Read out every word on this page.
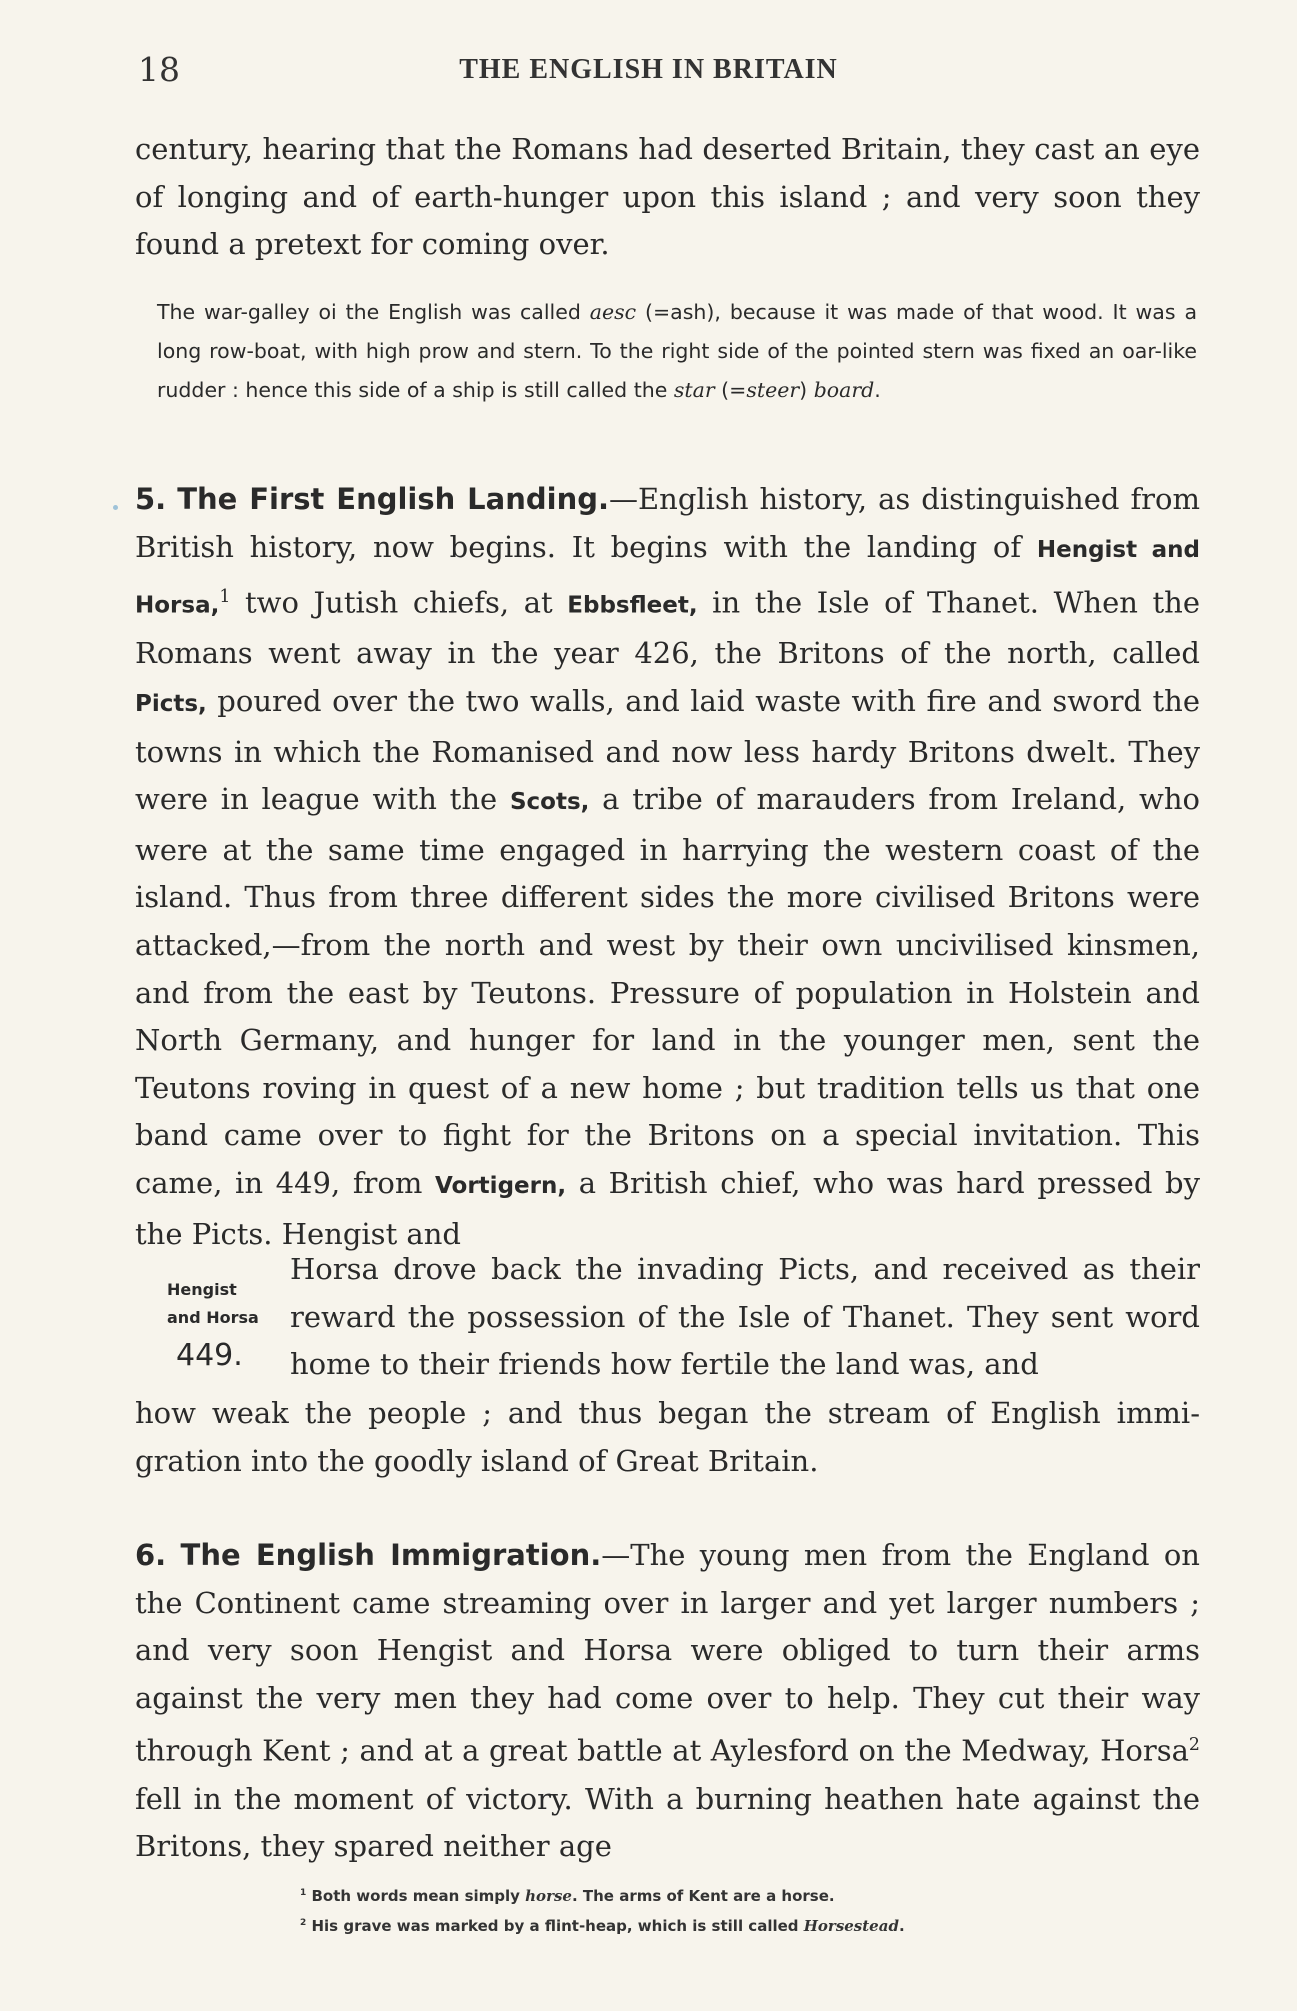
18	THE ENGLISH IN BRITAIN
century, hearing that the Romans had deserted Britain, they cast an eye of longing and of earth-hunger upon this island ; and very soon they found a pretext for coming over.
The war-galley oi the English was called aesc (=ash), because it was made of that wood. It was a long row-boat, with high prow and stern. To the right side of the pointed stern was fixed an oar-like rudder : hence this side of a ship is still called the star (=steer) board.
5. The First English Landing.—English history, as distinguished from British history, now begins. It begins with the landing of Hengist and Horsa,$^1$ two Jutish chiefs, at Ebbsfleet, in the Isle of Thanet. When the Romans went away in the year 426, the Britons of the north, called Picts, poured over the two walls, and laid waste with fire and sword the towns in which the Romanised and now less hardy Britons dwelt. They were in league with the Scots, a tribe of marauders from Ireland, who were at the same time engaged in harrying the western coast of the island. Thus from three different sides the more civilised Britons were attacked,—from the north and west by their own uncivilised kinsmen, and from the east by Teutons. Pressure of population in Holstein and North Germany, and hunger for land in the younger men, sent the Teutons roving in quest of a new home ; but tradition tells us that one band came over to fight for the Britons on a special invitation. This came, in 449, from Vortigern, a British chief, who was hard pressed by the Picts. Hengist and
Hengist
and Horsa
449.
Horsa drove back the invading Picts, and received as their reward the possession of the Isle of Thanet. They sent word home to their friends how fertile the land was, and
how weak the people ; and thus began the stream of English immi-gration into the goodly island of Great Britain.
6. The English Immigration.—The young men from the England on the Continent came streaming over in larger and yet larger numbers ; and very soon Hengist and Horsa were obliged to turn their arms against the very men they had come over to help. They cut their way through Kent ; and at a great battle at Aylesford on the Medway, Horsa$^2$ fell in the moment of victory. With a burning heathen hate against the Britons, they spared neither age
$^1$ Both words mean simply horse. The arms of Kent are a horse.
$^2$ His grave was marked by a flint-heap, which is still called Horsestead.
